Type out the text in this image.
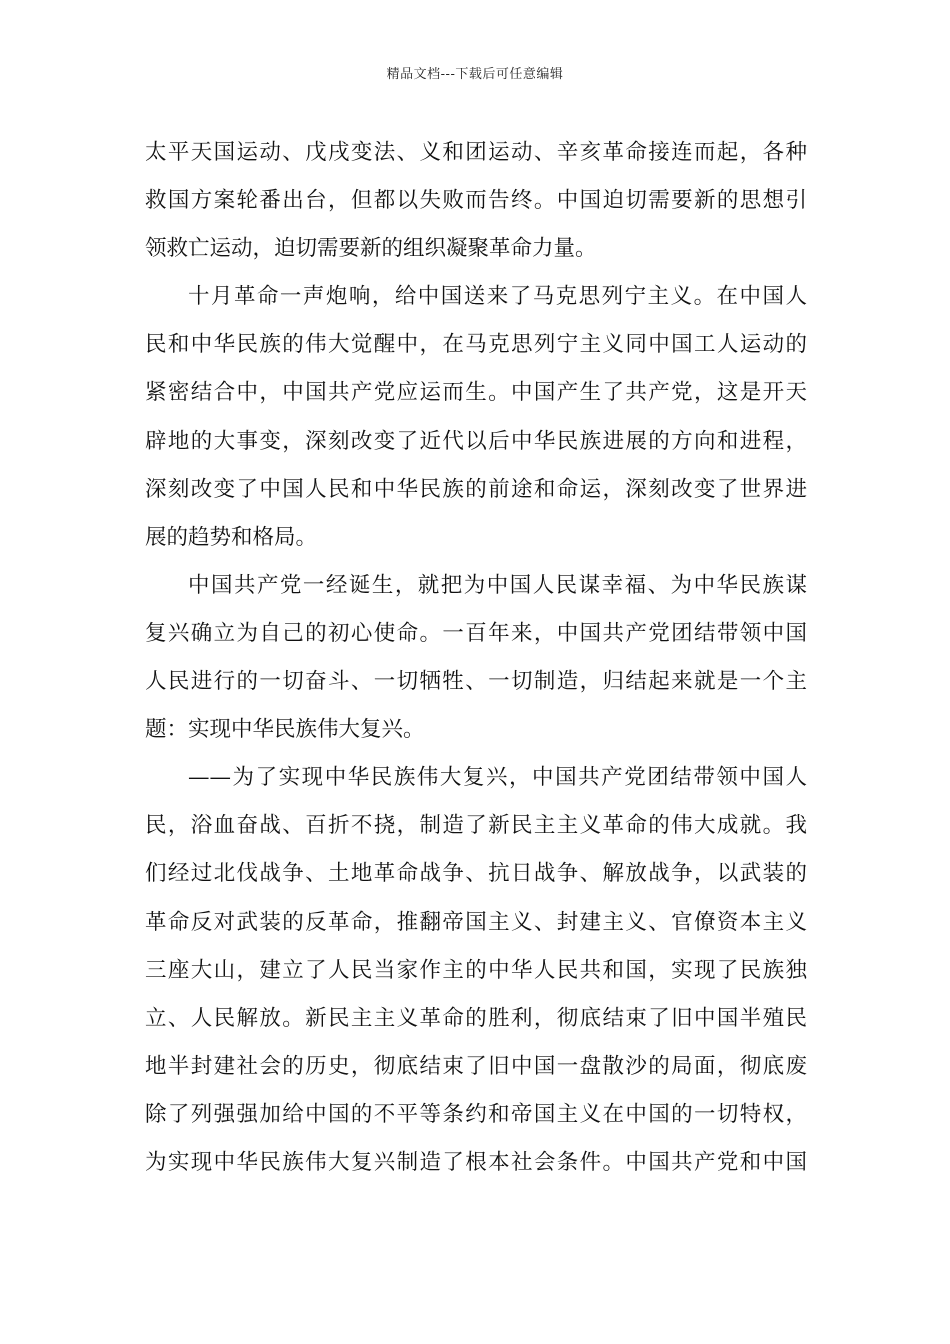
精品文档---下载后可任意编辑
太平天国运动、戊戌变法、义和团运动、辛亥革命接连而起，各种
救国方案轮番出台，但都以失败而告终。中国迫切需要新的思想引
领救亡运动，迫切需要新的组织凝聚革命力量。
十月革命一声炮响，给中国送来了马克思列宁主义。在中国人
民和中华民族的伟大觉醒中，在马克思列宁主义同中国工人运动的
紧密结合中，中国共产党应运而生。中国产生了共产党，这是开天
辟地的大事变，深刻改变了近代以后中华民族进展的方向和进程，
深刻改变了中国人民和中华民族的前途和命运，深刻改变了世界进
展的趋势和格局。
中国共产党一经诞生，就把为中国人民谋幸福、为中华民族谋
复兴确立为自己的初心使命。一百年来，中国共产党团结带领中国
人民进行的一切奋斗、一切牺牲、一切制造，归结起来就是一个主
题：实现中华民族伟大复兴。
——为了实现中华民族伟大复兴，中国共产党团结带领中国人
民，浴血奋战、百折不挠，制造了新民主主义革命的伟大成就。我
们经过北伐战争、土地革命战争、抗日战争、解放战争，以武装的
革命反对武装的反革命，推翻帝国主义、封建主义、官僚资本主义
三座大山，建立了人民当家作主的中华人民共和国，实现了民族独
立、人民解放。新民主主义革命的胜利，彻底结束了旧中国半殖民
地半封建社会的历史，彻底结束了旧中国一盘散沙的局面，彻底废
除了列强强加给中国的不平等条约和帝国主义在中国的一切特权，
为实现中华民族伟大复兴制造了根本社会条件。中国共产党和中国
